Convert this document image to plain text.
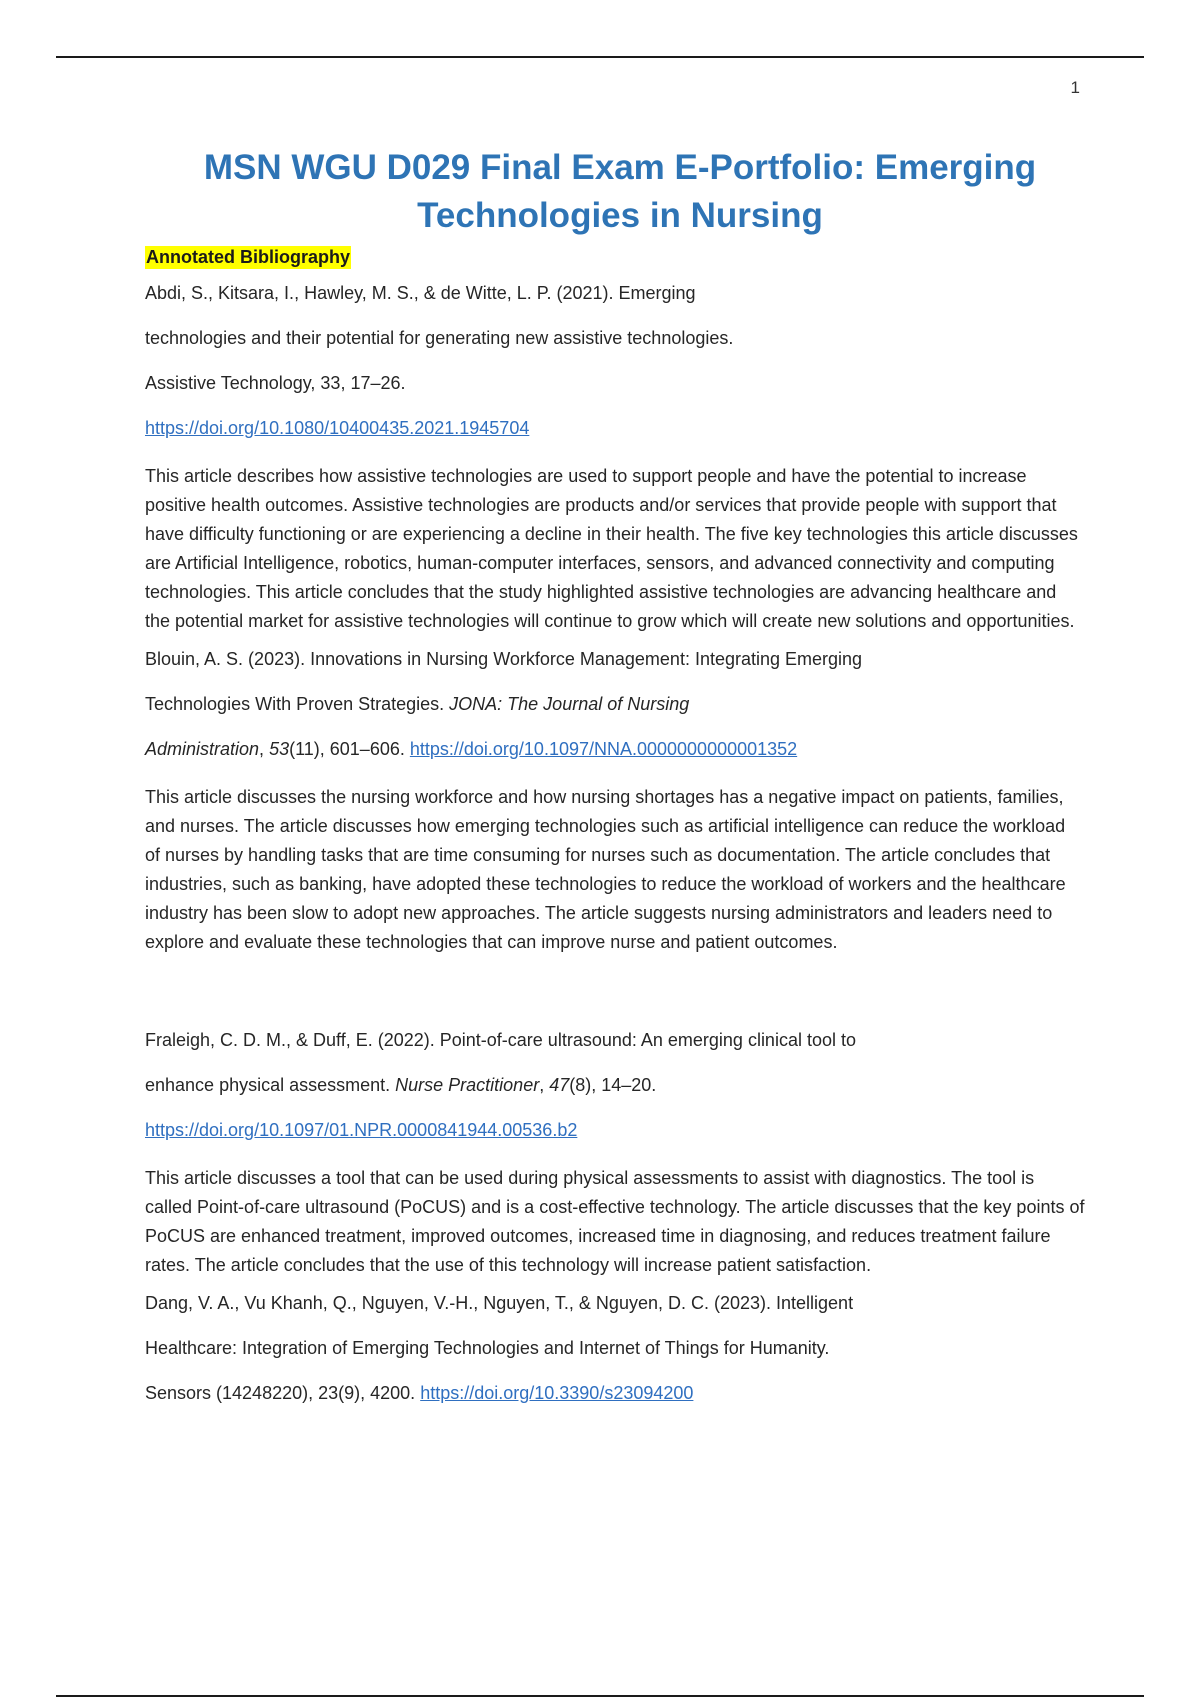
1
MSN WGU D029 Final Exam E-Portfolio: Emerging Technologies in Nursing
Annotated Bibliography
Abdi, S., Kitsara, I., Hawley, M. S., & de Witte, L. P. (2021). Emerging
technologies and their potential for generating new assistive technologies.
Assistive Technology, 33, 17–26.
https://doi.org/10.1080/10400435.2021.1945704

This article describes how assistive technologies are used to support people and have the potential to increase positive health outcomes. Assistive technologies are products and/or services that provide people with support that have difficulty functioning or are experiencing a decline in their health. The five key technologies this article discusses are Artificial Intelligence, robotics, human-computer interfaces, sensors, and advanced connectivity and computing technologies. This article concludes that the study highlighted assistive technologies are advancing healthcare and the potential market for assistive technologies will continue to grow which will create new solutions and opportunities.

Blouin, A. S. (2023). Innovations in Nursing Workforce Management: Integrating Emerging
Technologies With Proven Strategies. JONA: The Journal of Nursing
Administration, 53(11), 601–606. https://doi.org/10.1097/NNA.0000000000001352

This article discusses the nursing workforce and how nursing shortages has a negative impact on patients, families, and nurses. The article discusses how emerging technologies such as artificial intelligence can reduce the workload of nurses by handling tasks that are time consuming for nurses such as documentation. The article concludes that industries, such as banking, have adopted these technologies to reduce the workload of workers and the healthcare industry has been slow to adopt new approaches. The article suggests nursing administrators and leaders need to explore and evaluate these technologies that can improve nurse and patient outcomes.

Fraleigh, C. D. M., & Duff, E. (2022). Point-of-care ultrasound: An emerging clinical tool to
enhance physical assessment. Nurse Practitioner, 47(8), 14–20.
https://doi.org/10.1097/01.NPR.0000841944.00536.b2

This article discusses a tool that can be used during physical assessments to assist with diagnostics. The tool is called Point-of-care ultrasound (PoCUS) and is a cost-effective technology. The article discusses that the key points of PoCUS are enhanced treatment, improved outcomes, increased time in diagnosing, and reduces treatment failure rates. The article concludes that the use of this technology will increase patient satisfaction.

Dang, V. A., Vu Khanh, Q., Nguyen, V.-H., Nguyen, T., & Nguyen, D. C. (2023). Intelligent
Healthcare: Integration of Emerging Technologies and Internet of Things for Humanity.
Sensors (14248220), 23(9), 4200. https://doi.org/10.3390/s23094200
